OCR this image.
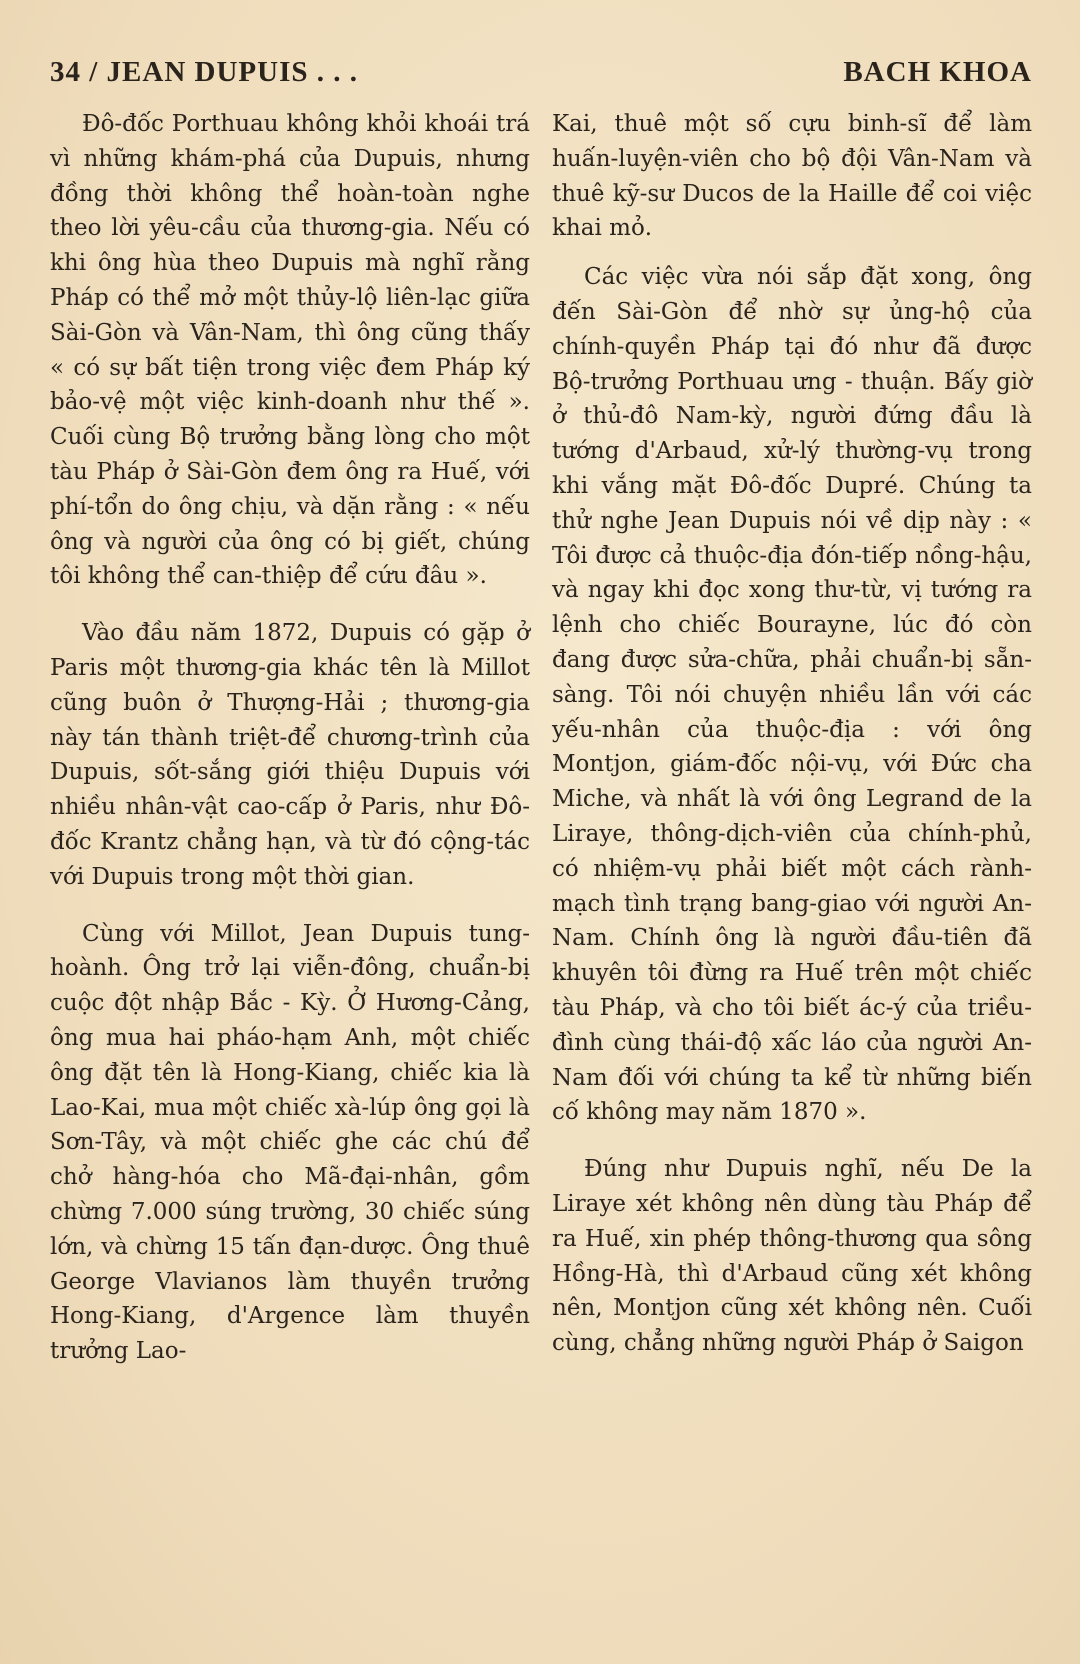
34 / JEAN DUPUIS . . .	BACH KHOA

Đô-đốc Porthuau không khỏi khoái trá vì những khám-phá của Dupuis, nhưng đồng thời không thể hoàn-toàn nghe theo lời yêu-cầu của thương-gia. Nếu có khi ông hùa theo Dupuis mà nghĩ rằng Pháp có thể mở một thủy-lộ liên-lạc giữa Sài-Gòn và Vân-Nam, thì ông cũng thấy « có sự bất tiện trong việc đem Pháp ký bảo-vệ một việc kinh-doanh như thế ». Cuối cùng Bộ trưởng bằng lòng cho một tàu Pháp ở Sài-Gòn đem ông ra Huế, với phí-tổn do ông chịu, và dặn rằng : « nếu ông và người của ông có bị giết, chúng tôi không thể can-thiệp để cứu đâu ».

Vào đầu năm 1872, Dupuis có gặp ở Paris một thương-gia khác tên là Millot cũng buôn ở Thượng-Hải ; thương-gia này tán thành triệt-để chương-trình của Dupuis, sốt-sắng giới thiệu Dupuis với nhiều nhân-vật cao-cấp ở Paris, như Đô-đốc Krantz chẳng hạn, và từ đó cộng-tác với Dupuis trong một thời gian.

Cùng với Millot, Jean Dupuis tung-hoành. Ông trở lại viễn-đông, chuẩn-bị cuộc đột nhập Bắc - Kỳ. Ở Hương-Cảng, ông mua hai pháo-hạm Anh, một chiếc ông đặt tên là Hong-Kiang, chiếc kia là Lao-Kai, mua một chiếc xà-lúp ông gọi là Sơn-Tây, và một chiếc ghe các chú để chở hàng-hóa cho Mã-đại-nhân, gồm chừng 7.000 súng trường, 30 chiếc súng lớn, và chừng 15 tấn đạn-dược. Ông thuê George Vlavianos làm thuyền trưởng Hong-Kiang, d'Argence làm thuyền trưởng Lao-

Kai, thuê một số cựu binh-sĩ để làm huấn-luyện-viên cho bộ đội Vân-Nam và thuê kỹ-sư Ducos de la Haille để coi việc khai mỏ.

Các việc vừa nói sắp đặt xong, ông đến Sài-Gòn để nhờ sự ủng-hộ của chính-quyền Pháp tại đó như đã được Bộ-trưởng Porthuau ưng - thuận. Bấy giờ ở thủ-đô Nam-kỳ, người đứng đầu là tướng d'Arbaud, xử-lý thường-vụ trong khi vắng mặt Đô-đốc Dupré. Chúng ta thử nghe Jean Dupuis nói về dịp này : « Tôi được cả thuộc-địa đón-tiếp nồng-hậu, và ngay khi đọc xong thư-từ, vị tướng ra lệnh cho chiếc Bourayne, lúc đó còn đang được sửa-chữa, phải chuẩn-bị sẵn-sàng. Tôi nói chuyện nhiều lần với các yếu-nhân của thuộc-địa : với ông Montjon, giám-đốc nội-vụ, với Đức cha Miche, và nhất là với ông Legrand de la Liraye, thông-dịch-viên của chính-phủ, có nhiệm-vụ phải biết một cách rành-mạch tình trạng bang-giao với người An-Nam. Chính ông là người đầu-tiên đã khuyên tôi đừng ra Huế trên một chiếc tàu Pháp, và cho tôi biết ác-ý của triều-đình cùng thái-độ xấc láo của người An-Nam đối với chúng ta kể từ những biến cố không may năm 1870 ».

Đúng như Dupuis nghĩ, nếu De la Liraye xét không nên dùng tàu Pháp để ra Huế, xin phép thông-thương qua sông Hồng-Hà, thì d'Arbaud cũng xét không nên, Montjon cũng xét không nên. Cuối cùng, chẳng những người Pháp ở Saigon
